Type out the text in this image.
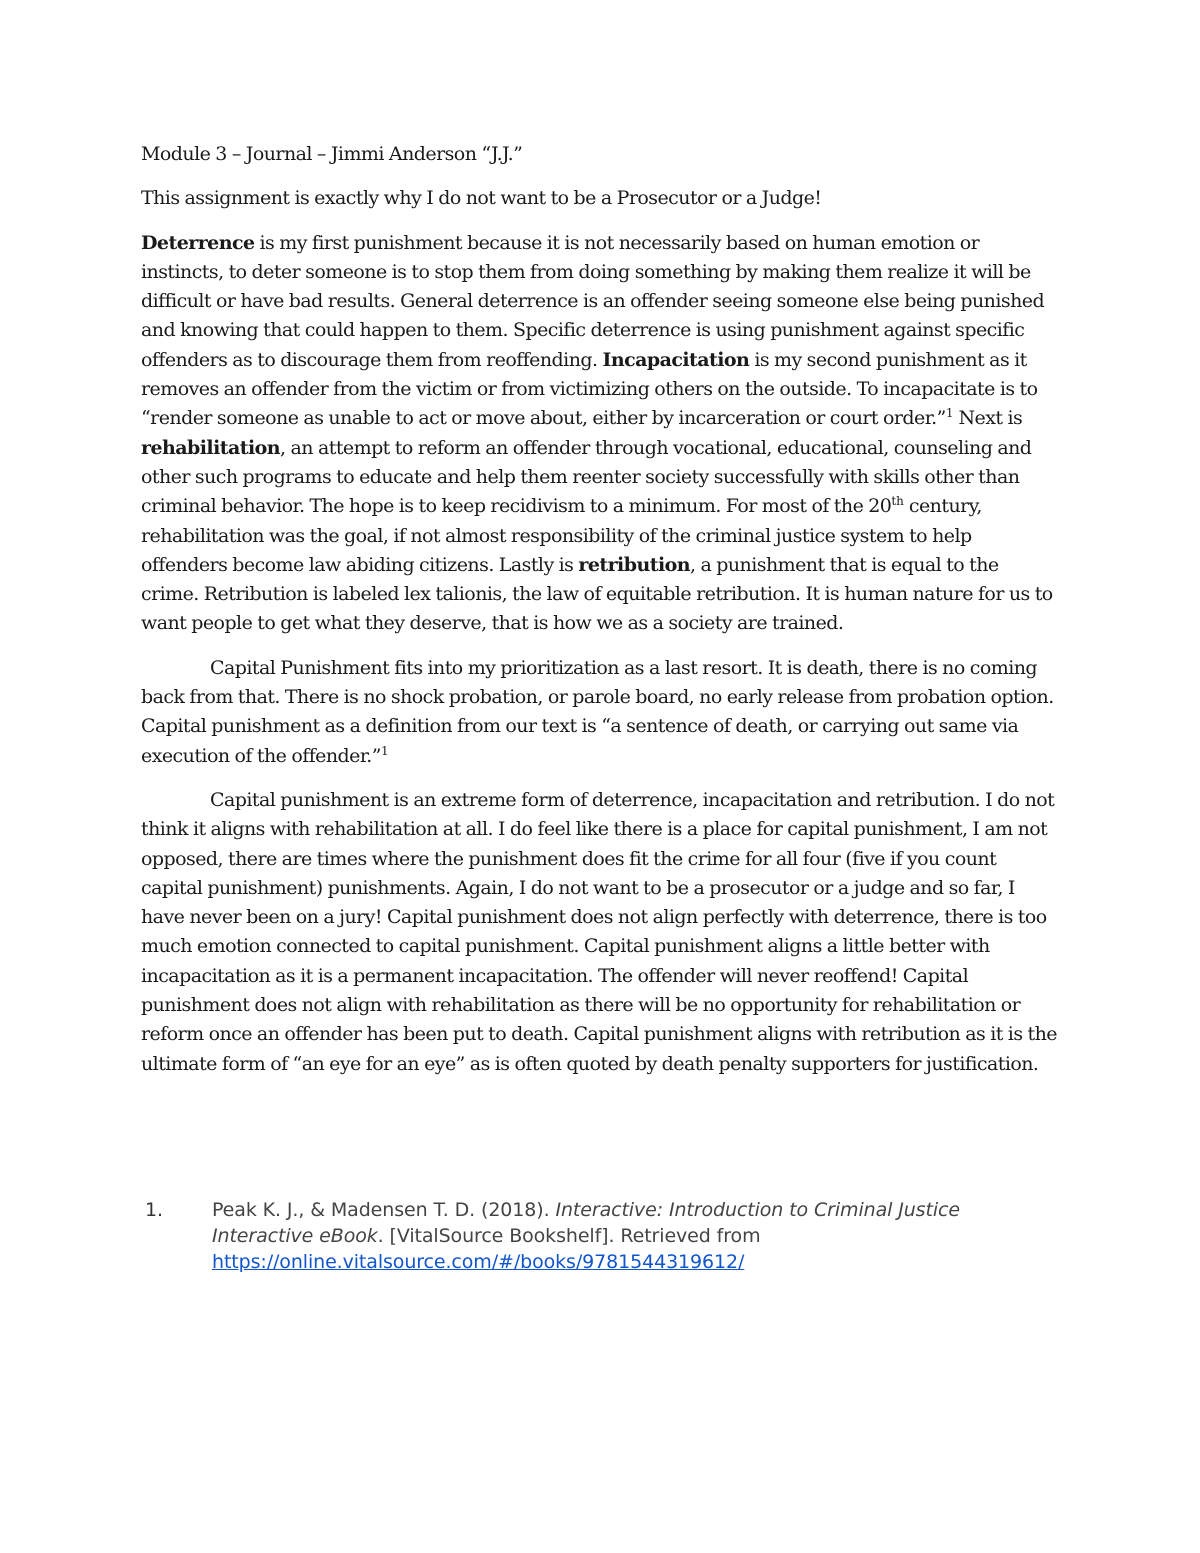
Module 3 – Journal – Jimmi Anderson “J.J.”

This assignment is exactly why I do not want to be a Prosecutor or a Judge!

Deterrence is my first punishment because it is not necessarily based on human emotion or instincts, to deter someone is to stop them from doing something by making them realize it will be difficult or have bad results. General deterrence is an offender seeing someone else being punished and knowing that could happen to them. Specific deterrence is using punishment against specific offenders as to discourage them from reoffending. Incapacitation is my second punishment as it removes an offender from the victim or from victimizing others on the outside. To incapacitate is to “render someone as unable to act or move about, either by incarceration or court order.”$^1$ Next is rehabilitation, an attempt to reform an offender through vocational, educational, counseling and other such programs to educate and help them reenter society successfully with skills other than criminal behavior. The hope is to keep recidivism to a minimum. For most of the 20th century, rehabilitation was the goal, if not almost responsibility of the criminal justice system to help offenders become law abiding citizens. Lastly is retribution, a punishment that is equal to the crime. Retribution is labeled lex talionis, the law of equitable retribution. It is human nature for us to want people to get what they deserve, that is how we as a society are trained.

Capital Punishment fits into my prioritization as a last resort. It is death, there is no coming back from that. There is no shock probation, or parole board, no early release from probation option. Capital punishment as a definition from our text is “a sentence of death, or carrying out same via execution of the offender.”$^1$

Capital punishment is an extreme form of deterrence, incapacitation and retribution. I do not think it aligns with rehabilitation at all. I do feel like there is a place for capital punishment, I am not opposed, there are times where the punishment does fit the crime for all four (five if you count capital punishment) punishments. Again, I do not want to be a prosecutor or a judge and so far, I have never been on a jury! Capital punishment does not align perfectly with deterrence, there is too much emotion connected to capital punishment. Capital punishment aligns a little better with incapacitation as it is a permanent incapacitation. The offender will never reoffend! Capital punishment does not align with rehabilitation as there will be no opportunity for rehabilitation or reform once an offender has been put to death. Capital punishment aligns with retribution as it is the ultimate form of “an eye for an eye” as is often quoted by death penalty supporters for justification.

1.	Peak K. J., & Madensen T. D. (2018). Interactive: Introduction to Criminal Justice Interactive eBook. [VitalSource Bookshelf]. Retrieved from https://online.vitalsource.com/#/books/9781544319612/
